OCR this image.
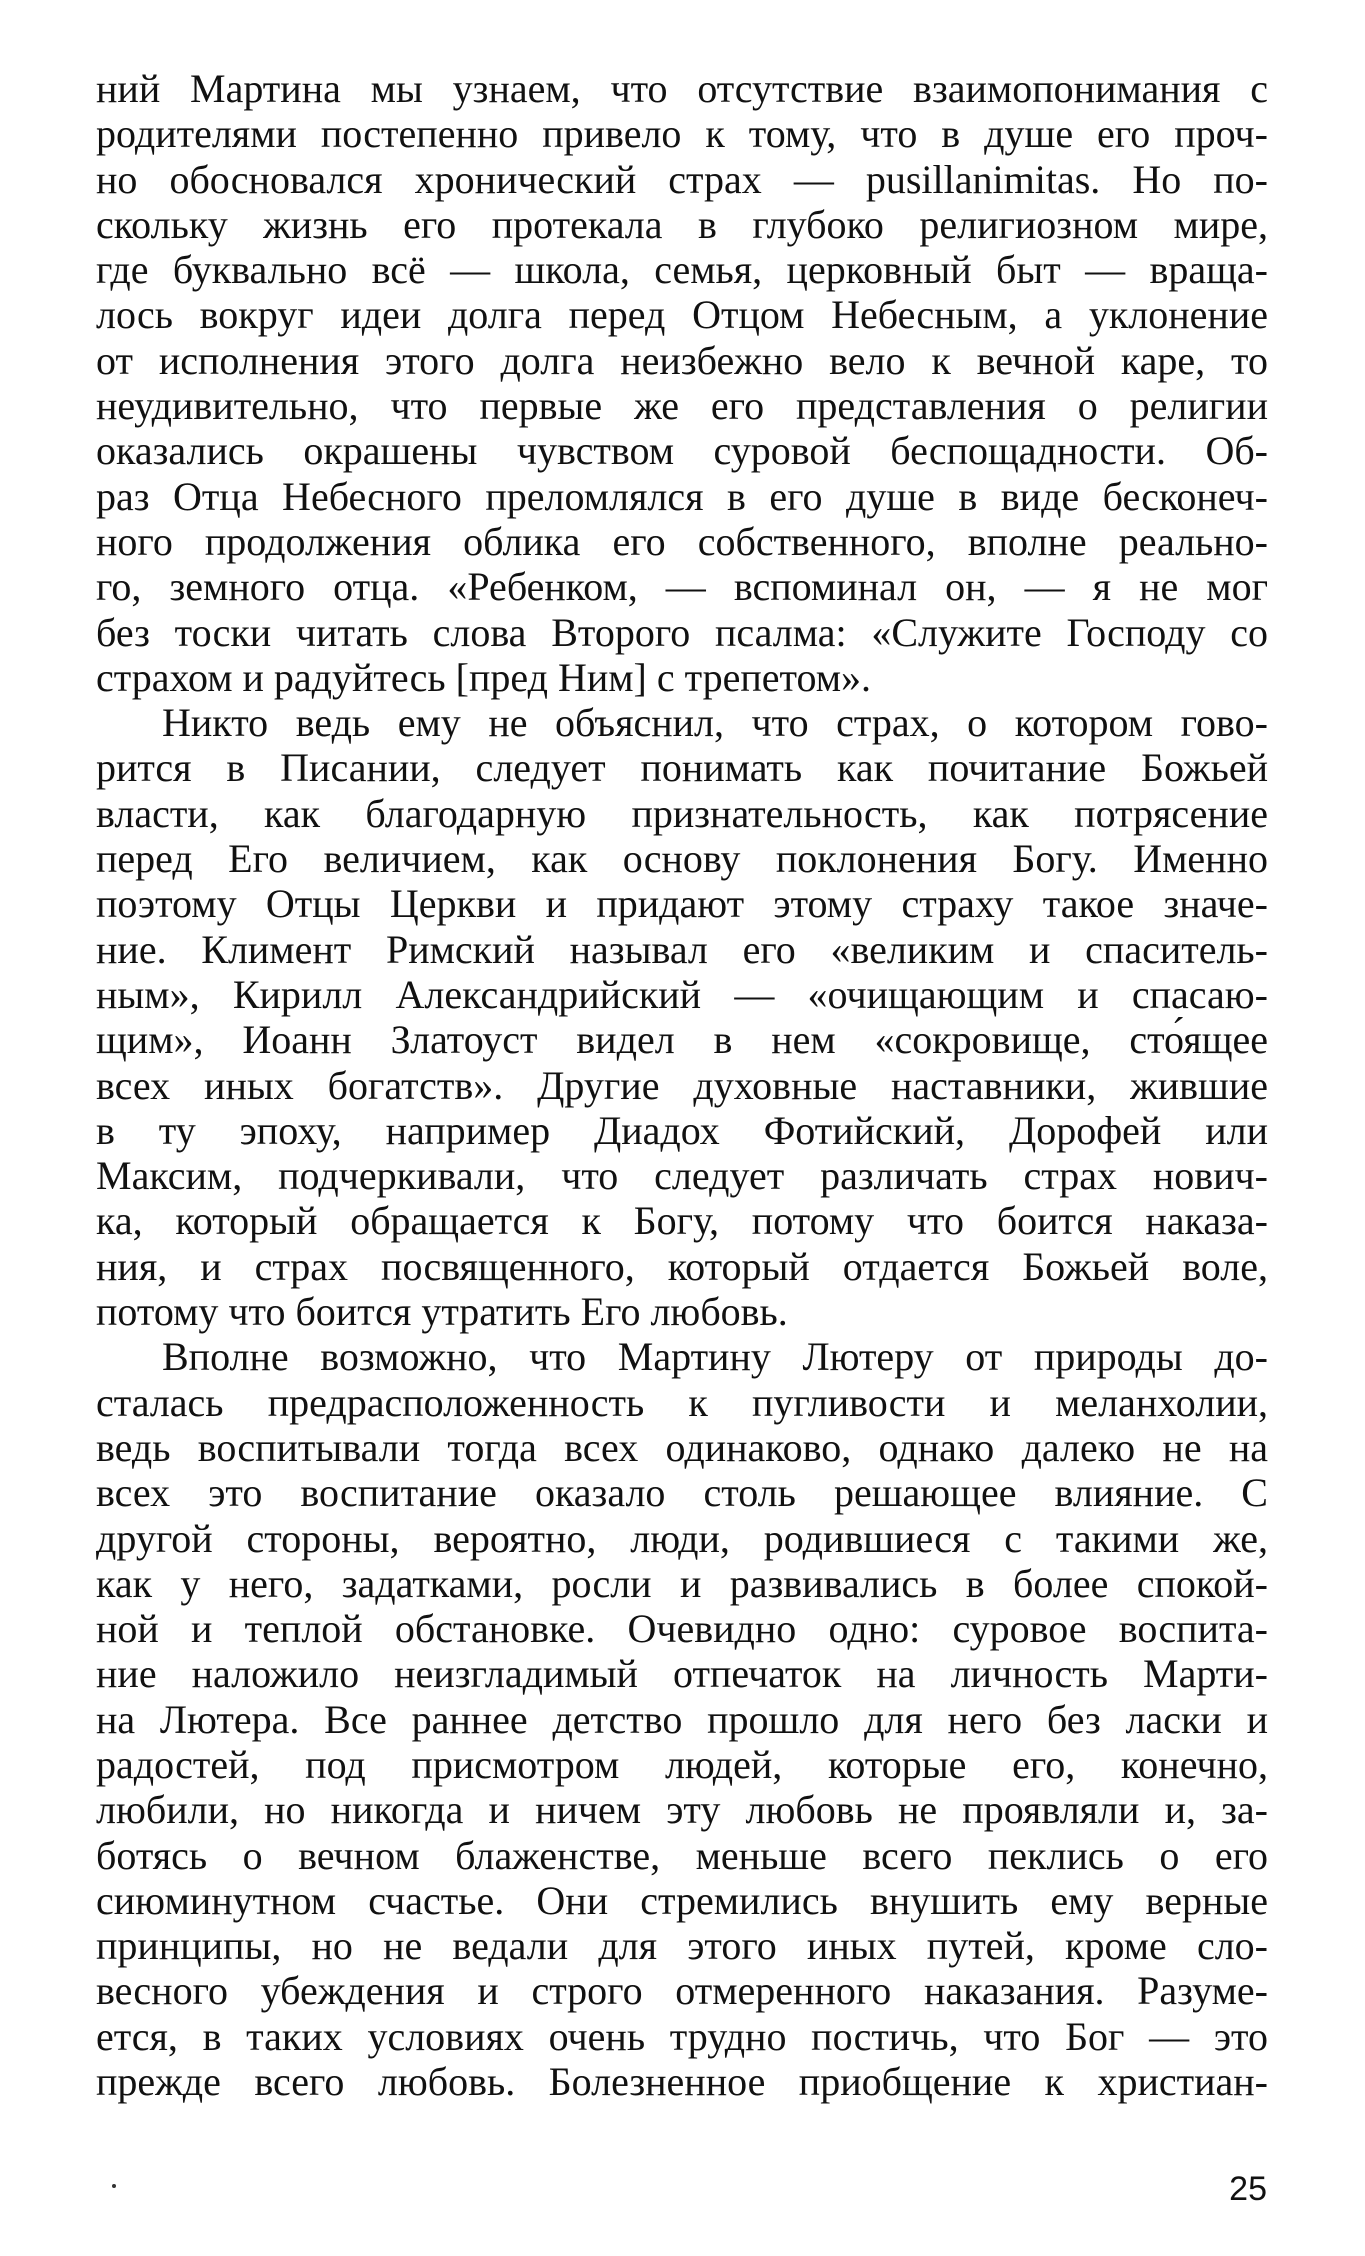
ний Мартина мы узнаем, что отсутствие взаимопонимания с
родителями постепенно привело к тому, что в душе его проч-
но обосновался хронический страх — pusillanimitas. Но по-
скольку жизнь его протекала в глубоко религиозном мире,
где буквально всё — школа, семья, церковный быт — враща-
лось вокруг идеи долга перед Отцом Небесным, а уклонение
от исполнения этого долга неизбежно вело к вечной каре, то
неудивительно, что первые же его представления о религии
оказались окрашены чувством суровой беспощадности. Об-
раз Отца Небесного преломлялся в его душе в виде бесконеч-
ного продолжения облика его собственного, вполне реально-
го, земного отца. «Ребенком, — вспоминал он, — я не мог
без тоски читать слова Второго псалма: «Служите Господу со
страхом и радуйтесь [пред Ним] с трепетом».
Никто ведь ему не объяснил, что страх, о котором гово-
рится в Писании, следует понимать как почитание Божьей
власти, как благодарную признательность, как потрясение
перед Его величием, как основу поклонения Богу. Именно
поэтому Отцы Церкви и придают этому страху такое значе-
ние. Климент Римский называл его «великим и спаситель-
ным», Кирилл Александрийский — «очищающим и спасаю-
щим», Иоанн Златоуст видел в нем «сокровище, сто́ящее
всех иных богатств». Другие духовные наставники, жившие
в ту эпоху, например Диадох Фотийский, Дорофей или
Максим, подчеркивали, что следует различать страх нович-
ка, который обращается к Богу, потому что боится наказа-
ния, и страх посвященного, который отдается Божьей воле,
потому что боится утратить Его любовь.
Вполне возможно, что Мартину Лютеру от природы до-
сталась предрасположенность к пугливости и меланхолии,
ведь воспитывали тогда всех одинаково, однако далеко не на
всех это воспитание оказало столь решающее влияние. С
другой стороны, вероятно, люди, родившиеся с такими же,
как у него, задатками, росли и развивались в более спокой-
ной и теплой обстановке. Очевидно одно: суровое воспита-
ние наложило неизгладимый отпечаток на личность Марти-
на Лютера. Все раннее детство прошло для него без ласки и
радостей, под присмотром людей, которые его, конечно,
любили, но никогда и ничем эту любовь не проявляли и, за-
ботясь о вечном блаженстве, меньше всего пеклись о его
сиюминутном счастье. Они стремились внушить ему верные
принципы, но не ведали для этого иных путей, кроме сло-
весного убеждения и строго отмеренного наказания. Разуме-
ется, в таких условиях очень трудно постичь, что Бог — это
прежде всего любовь. Болезненное приобщение к христиан-
25
